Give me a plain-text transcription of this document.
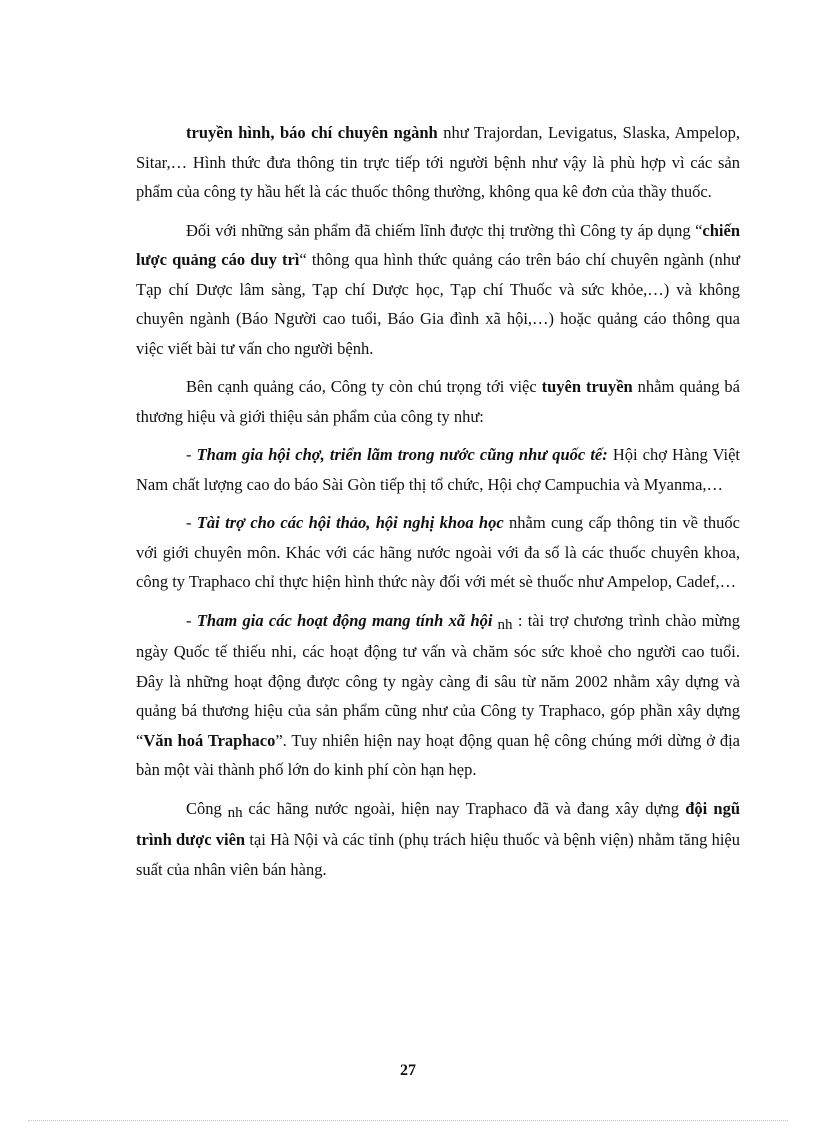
truyền hình, báo chí chuyên ngành như Trajordan, Levigatus, Slaska, Ampelop, Sitar,… Hình thức đưa thông tin trực tiếp tới người bệnh như vậy là phù hợp vì các sản phẩm của công ty hầu hết là các thuốc thông thường, không qua kê đơn của thầy thuốc.

Đối với những sản phẩm đã chiếm lĩnh được thị trường thì Công ty áp dụng “chiến lược quảng cáo duy trì“ thông qua hình thức quảng cáo trên báo chí chuyên ngành (như Tạp chí Dược lâm sàng, Tạp chí Dược học, Tạp chí Thuốc và sức khỏe,…) và không chuyên ngành (Báo Người cao tuổi, Báo Gia đình xã hội,…) hoặc quảng cáo thông qua việc viết bài tư vấn cho người bệnh.

Bên cạnh quảng cáo, Công ty còn chú trọng tới việc tuyên truyền nhằm quảng bá thương hiệu và giới thiệu sản phẩm của công ty như:

- Tham gia hội chợ, triển lãm trong nước cũng như quốc tế: Hội chợ Hàng Việt Nam chất lượng cao do báo Sài Gòn tiếp thị tổ chức, Hội chợ Campuchia và Myanma,…

- Tài trợ cho các hội thảo, hội nghị khoa học nhằm cung cấp thông tin về thuốc với giới chuyên môn. Khác với các hãng nước ngoài với đa số là các thuốc chuyên khoa, công ty Traphaco chỉ thực hiện hình thức này đối với mét sè thuốc như Ampelop, Cadef,…

- Tham gia các hoạt động mang tính xã hội nh : tài trợ chương trình chào mừng ngày Quốc tế thiếu nhi, các hoạt động tư vấn và chăm sóc sức khoẻ cho người cao tuổi. Đây là những hoạt động được công ty ngày càng đi sâu từ năm 2002 nhằm xây dựng và quảng bá thương hiệu của sản phẩm cũng như của Công ty Traphaco, góp phần xây dựng “Văn hoá Traphaco”. Tuy nhiên hiện nay hoạt động quan hệ công chúng mới dừng ở địa bàn một vài thành phố lớn do kinh phí còn hạn hẹp.

Công nh các hãng nước ngoài, hiện nay Traphaco đã và đang xây dựng đội ngũ trình dược viên tại Hà Nội và các tỉnh (phụ trách hiệu thuốc và bệnh viện) nhằm tăng hiệu suất của nhân viên bán hàng.

27
